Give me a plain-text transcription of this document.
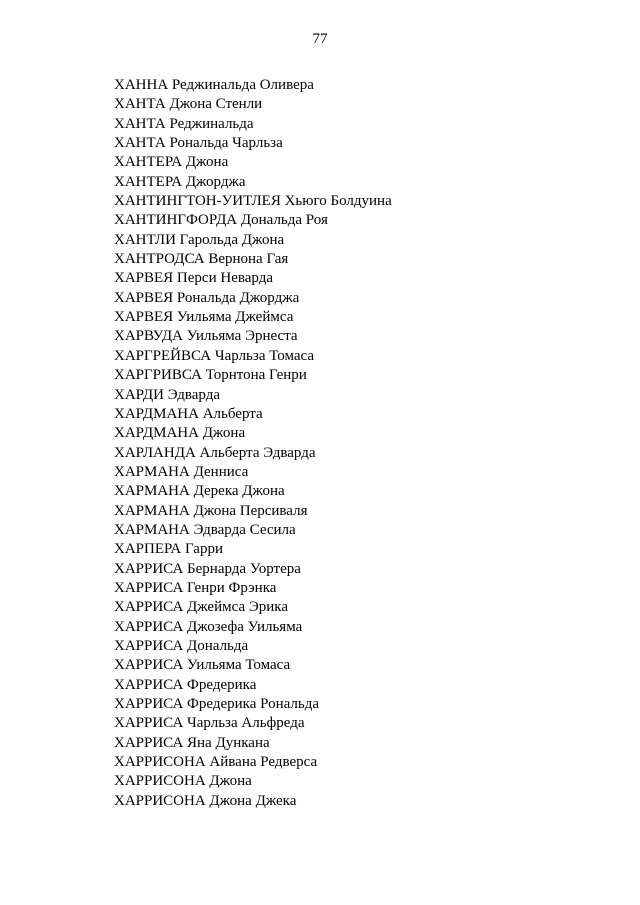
77
ХАННА Реджинальда Оливера
ХАНТА Джона Стенли
ХАНТА Реджинальда
ХАНТА Рональда Чарльза
ХАНТЕРА Джона
ХАНТЕРА Джорджа
ХАНТИНГТОН-УИТЛЕЯ Хьюго Болдуина
ХАНТИНГФОРДА Дональда Роя
ХАНТЛИ Гарольда Джона
ХАНТРОДСА Вернона Гая
ХАРВЕЯ Перси Неварда
ХАРВЕЯ Рональда Джорджа
ХАРВЕЯ Уильяма Джеймса
ХАРВУДА Уильяма Эрнеста
ХАРГРЕЙВСА Чарльза Томаса
ХАРГРИВСА Торнтона Генри
ХАРДИ Эдварда
ХАРДМАНА Альберта
ХАРДМАНА Джона
ХАРЛАНДА Альберта Эдварда
ХАРМАНА Денниса
ХАРМАНА Дерека Джона
ХАРМАНА Джона Персиваля
ХАРМАНА Эдварда Сесила
ХАРПЕРА Гарри
ХАРРИСА Бернарда Уортера
ХАРРИСА Генри Фрэнка
ХАРРИСА Джеймса Эрика
ХАРРИСА Джозефа Уильяма
ХАРРИСА Дональда
ХАРРИСА Уильяма Томаса
ХАРРИСА Фредерика
ХАРРИСА Фредерика Рональда
ХАРРИСА Чарльза Альфреда
ХАРРИСА Яна Дункана
ХАРРИСОНА Айвана Редверса
ХАРРИСОНА Джона
ХАРРИСОНА Джона Джека
